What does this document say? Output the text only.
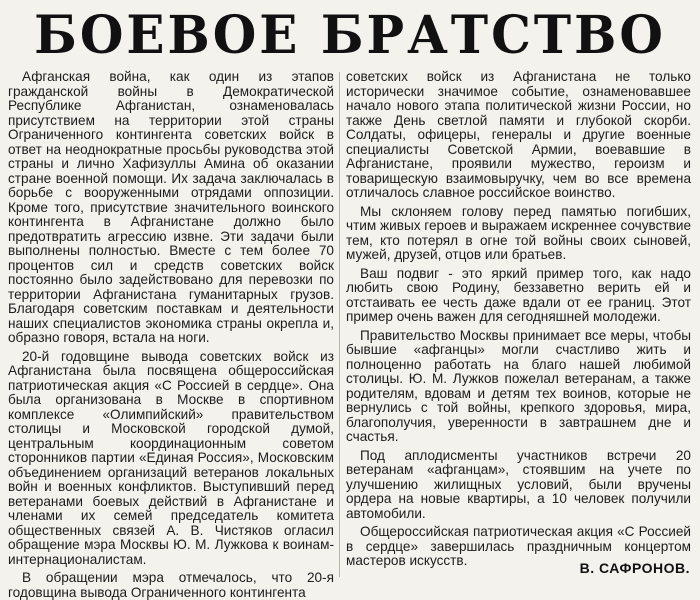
БОЕВОЕ БРАТСТВО

Афганская война, как один из этапов гражданской войны в Демократической Республике Афганистан, ознаменовалась присутствием на территории этой страны Ограниченного контингента советских войск в ответ на неоднократные просьбы руководства этой страны и лично Хафизуллы Амина об оказании стране военной помощи. Их задача заключалась в борьбе с вооруженными отрядами оппозиции. Кроме того, присутствие значительного воинского контингента в Афганистане должно было предотвратить агрессию извне. Эти задачи были выполнены полностью. Вместе с тем более 70 процентов сил и средств советских войск постоянно было задействовано для перевозки по территории Афганистана гуманитарных грузов. Благодаря советским поставкам и деятельности наших специалистов экономика страны окрепла и, образно говоря, встала на ноги.

20-й годовщине вывода советских войск из Афганистана была посвящена общероссийская патриотическая акция «С Россией в сердце». Она была организована в Москве в спортивном комплексе «Олимпийский» правительством столицы и Московской городской думой, центральным координационным советом сторонников партии «Единая Россия», Московским объединением организаций ветеранов локальных войн и военных конфликтов. Выступивший перед ветеранами боевых действий в Афганистане и членами их семей председатель комитета общественных связей А. В. Чистяков огласил обращение мэра Москвы Ю. М. Лужкова к воинам-интернационалистам.

В обращении мэра отмечалось, что 20-я годовщина вывода Ограниченного контингента

советских войск из Афганистана не только исторически значимое событие, ознаменовавшее начало нового этапа политической жизни России, но также День светлой памяти и глубокой скорби. Солдаты, офицеры, генералы и другие военные специалисты Советской Армии, воевавшие в Афганистане, проявили мужество, героизм и товарищескую взаимовыручку, чем во все времена отличалось славное российское воинство.

Мы склоняем голову перед памятью погибших, чтим живых героев и выражаем искреннее сочувствие тем, кто потерял в огне той войны своих сыновей, мужей, друзей, отцов или братьев.

Ваш подвиг - это яркий пример того, как надо любить свою Родину, беззаветно верить ей и отстаивать ее честь даже вдали от ее границ. Этот пример очень важен для сегодняшней молодежи.

Правительство Москвы принимает все меры, чтобы бывшие «афганцы» могли счастливо жить и полноценно работать на благо нашей любимой столицы. Ю. М. Лужков пожелал ветеранам, а также родителям, вдовам и детям тех воинов, которые не вернулись с той войны, крепкого здоровья, мира, благополучия, уверенности в завтрашнем дне и счастья.

Под аплодисменты участников встречи 20 ветеранам «афганцам», стоявшим на учете по улучшению жилищных условий, были вручены ордера на новые квартиры, а 10 человек получили автомобили.

Общероссийская патриотическая акция «С Россией в сердце» завершилась праздничным концертом мастеров искусств.	В. САФРОНОВ.
